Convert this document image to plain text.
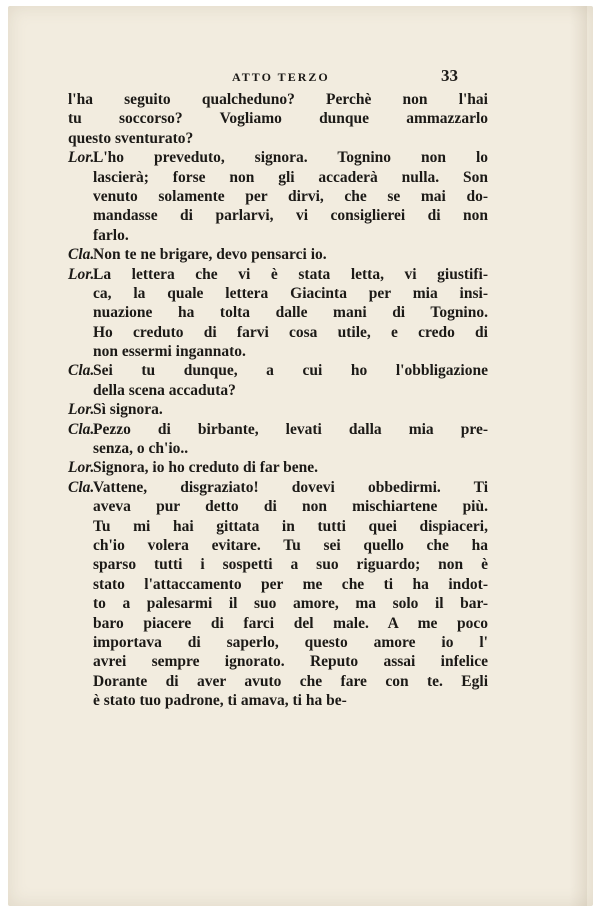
ATTO TERZO	33
l'ha seguito qualcheduno? Perchè non l'hai
tu soccorso? Vogliamo dunque ammazzarlo
questo sventurato?
Lor.
L'ho preveduto, signora. Tognino non lo
lascierà; forse non gli accaderà nulla. Son
venuto solamente per dirvi, che se mai do-
mandasse di parlarvi, vi consiglierei di non
farlo.
Cla.
Non te ne brigare, devo pensarci io.
Lor.
La lettera che vi è stata letta, vi giustifi-
ca, la quale lettera Giacinta per mia insi-
nuazione ha tolta dalle mani di Tognino.
Ho creduto di farvi cosa utile, e credo di
non essermi ingannato.
Cla.
Sei tu dunque, a cui ho l'obbligazione
della scena accaduta?
Lor.
Sì signora.
Cla.
Pezzo di birbante, levati dalla mia pre-
senza, o ch'io..
Lor.
Signora, io ho creduto di far bene.
Cla.
Vattene, disgraziato! dovevi obbedirmi. Ti
aveva pur detto di non mischiartene più.
Tu mi hai gittata in tutti quei dispiaceri,
ch'io volera evitare. Tu sei quello che ha
sparso tutti i sospetti a suo riguardo; non è
stato l'attaccamento per me che ti ha indot-
to a palesarmi il suo amore, ma solo il bar-
baro piacere di farci del male. A me poco
importava di saperlo, questo amore io l'
avrei sempre ignorato. Reputo assai infelice
Dorante di aver avuto che fare con te. Egli
è stato tuo padrone, ti amava, ti ha be-
